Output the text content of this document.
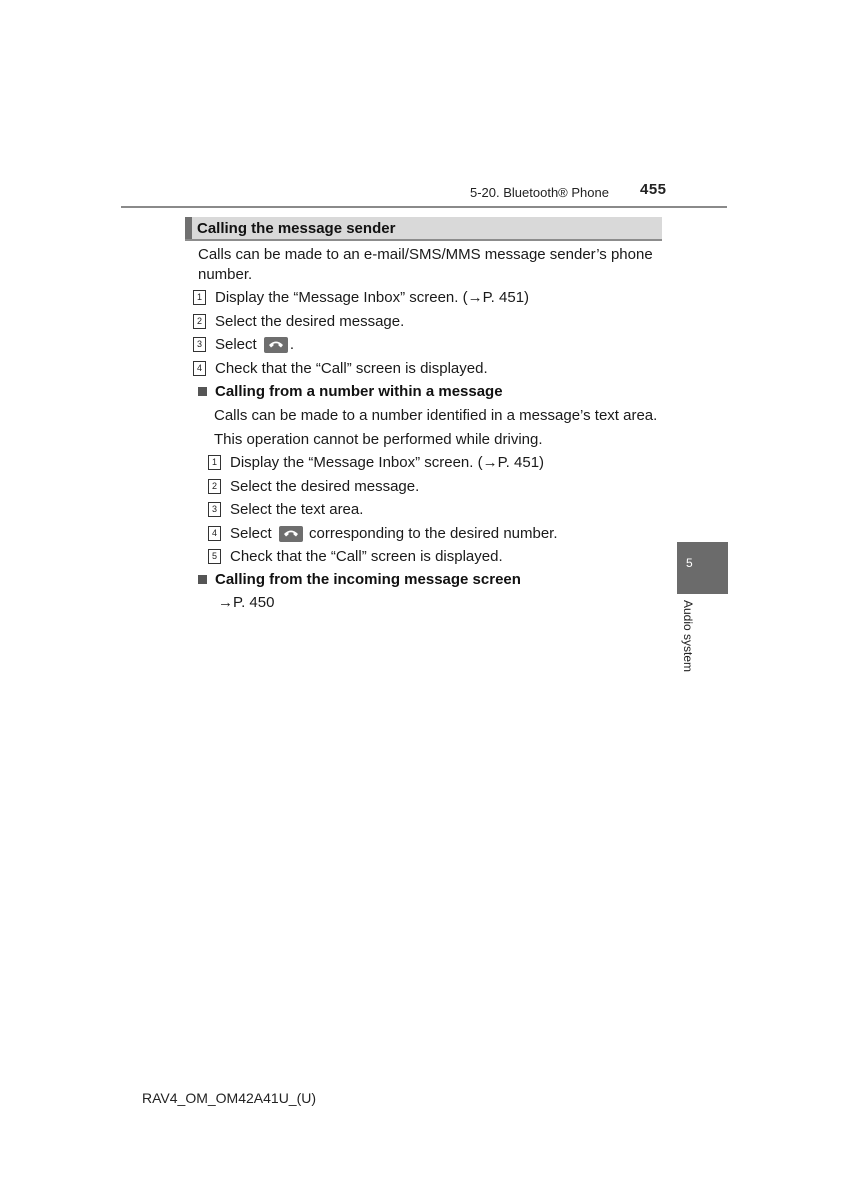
5-20. Bluetooth® Phone 455
Calling the message sender
Calls can be made to an e-mail/SMS/MMS message sender’s phone
number.
1 Display the “Message Inbox” screen. (→P. 451)
2 Select the desired message.
3 Select .
4 Check that the “Call” screen is displayed.
Calling from a number within a message
Calls can be made to a number identified in a message’s text area.
This operation cannot be performed while driving.
1 Display the “Message Inbox” screen. (→P. 451)
2 Select the desired message.
3 Select the text area.
4 Select corresponding to the desired number.
5 Check that the “Call” screen is displayed.
Calling from the incoming message screen
→P. 450
5
Audio system
RAV4_OM_OM42A41U_(U)
